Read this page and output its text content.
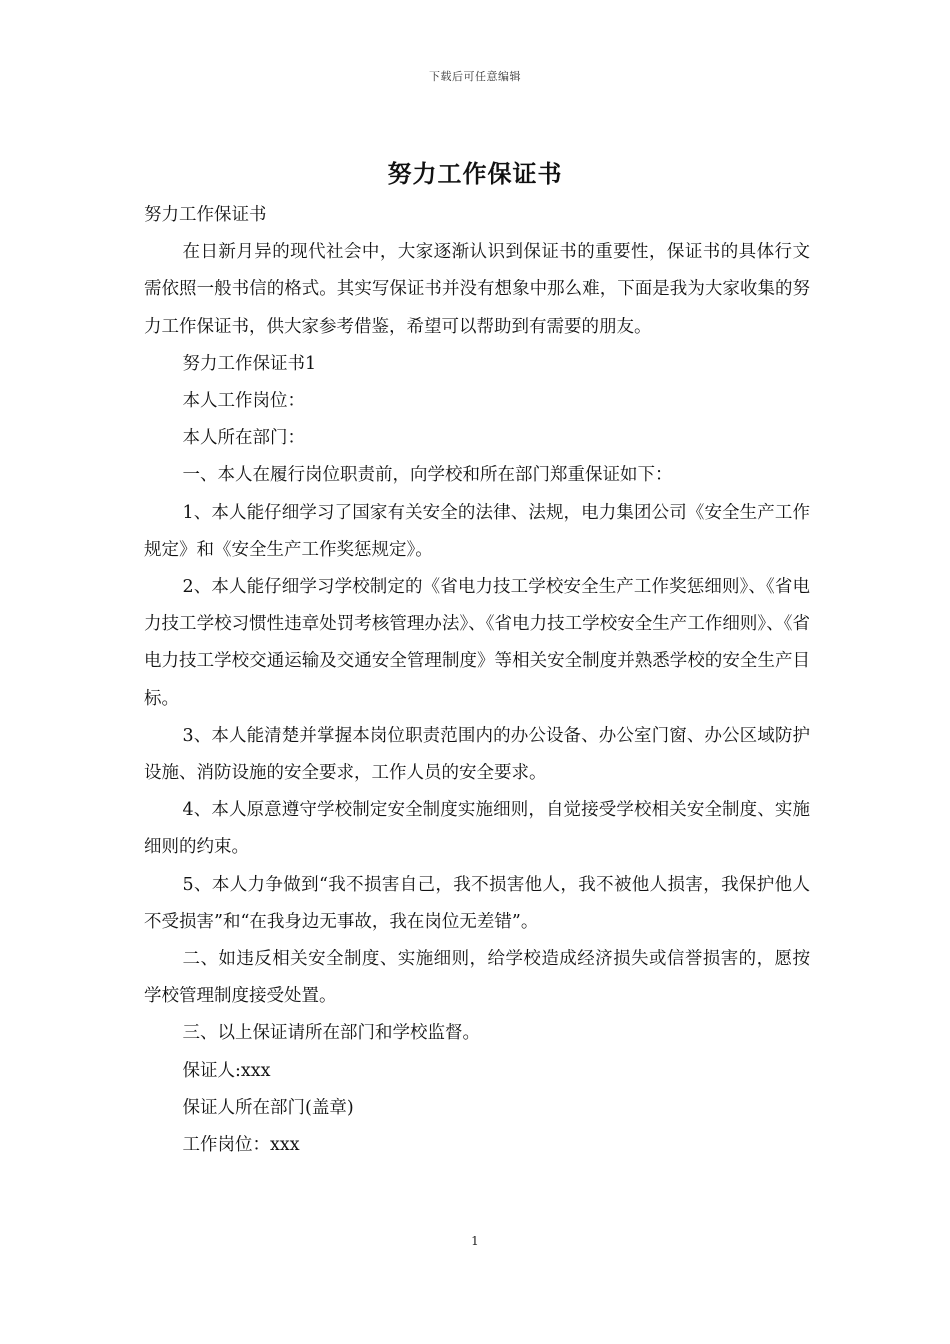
下载后可任意编辑
努力工作保证书

努力工作保证书

在日新月异的现代社会中，大家逐渐认识到保证书的重要性，保证书的具体行文需依照一般书信的格式。其实写保证书并没有想象中那么难，下面是我为大家收集的努力工作保证书，供大家参考借鉴，希望可以帮助到有需要的朋友。

努力工作保证书1

本人工作岗位：

本人所在部门：

一、本人在履行岗位职责前，向学校和所在部门郑重保证如下：

1、本人能仔细学习了国家有关安全的法律、法规，电力集团公司《安全生产工作规定》和《安全生产工作奖惩规定》。

2、本人能仔细学习学校制定的《省电力技工学校安全生产工作奖惩细则》、《省电力技工学校习惯性违章处罚考核管理办法》、《省电力技工学校安全生产工作细则》、《省电力技工学校交通运输及交通安全管理制度》等相关安全制度并熟悉学校的安全生产目标。

3、本人能清楚并掌握本岗位职责范围内的办公设备、办公室门窗、办公区域防护设施、消防设施的安全要求，工作人员的安全要求。

4、本人原意遵守学校制定安全制度实施细则，自觉接受学校相关安全制度、实施细则的约束。

5、本人力争做到“我不损害自己，我不损害他人，我不被他人损害，我保护他人不受损害”和“在我身边无事故，我在岗位无差错”。

二、如违反相关安全制度、实施细则，给学校造成经济损失或信誉损害的，愿按学校管理制度接受处置。

三、以上保证请所在部门和学校监督。

保证人:xxx

保证人所在部门(盖章)

工作岗位：xxx

1
